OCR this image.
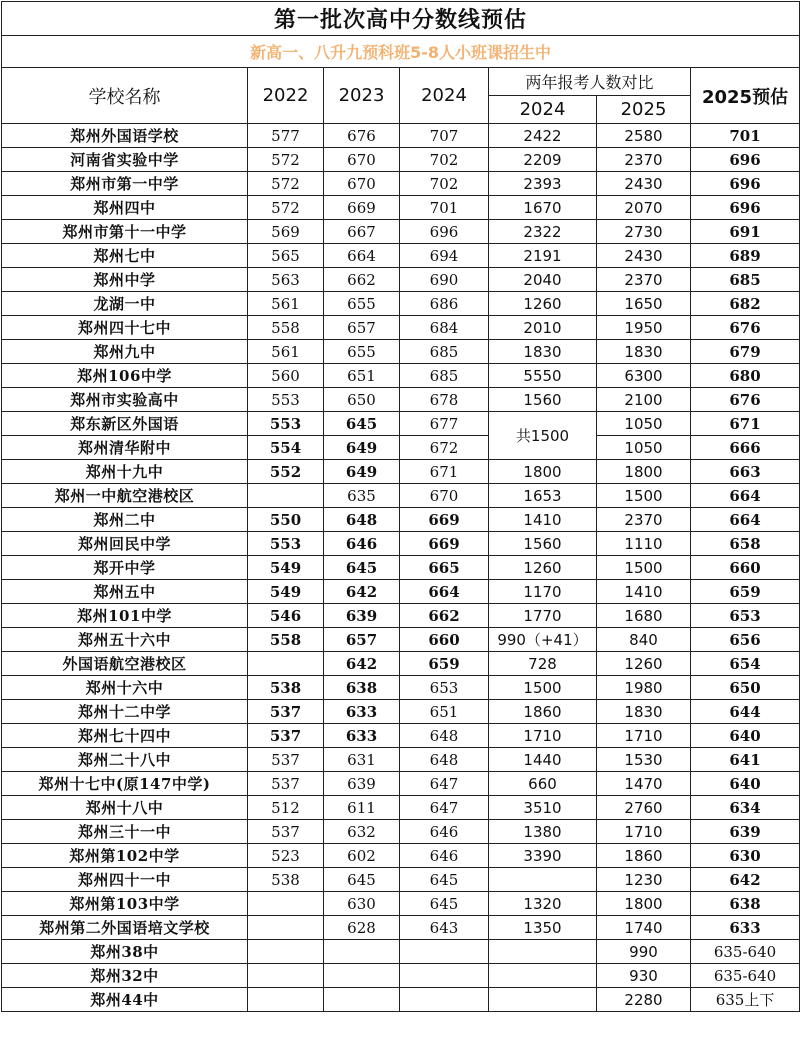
第一批次高中分数线预估						
新高一、八升九预科班5-8人小班课招生中						
学校名称	2022	2023	2024	两年报考人数对比		2025预估
				2024	2025	
郑州外国语学校	577	676	707	2422	2580	701
河南省实验中学	572	670	702	2209	2370	696
郑州市第一中学	572	670	702	2393	2430	696
郑州四中	572	669	701	1670	2070	696
郑州市第十一中学	569	667	696	2322	2730	691
郑州七中	565	664	694	2191	2430	689
郑州中学	563	662	690	2040	2370	685
龙湖一中	561	655	686	1260	1650	682
郑州四十七中	558	657	684	2010	1950	676
郑州九中	561	655	685	1830	1830	679
郑州106中学	560	651	685	5550	6300	680
郑州市实验高中	553	650	678	1560	2100	676
郑东新区外国语	553	645	677	共1500	1050	671
郑州清华附中	554	649	672		1050	666
郑州十九中	552	649	671	1800	1800	663
郑州一中航空港校区		635	670	1653	1500	664
郑州二中	550	648	669	1410	2370	664
郑州回民中学	553	646	669	1560	1110	658
郑开中学	549	645	665	1260	1500	660
郑州五中	549	642	664	1170	1410	659
郑州101中学	546	639	662	1770	1680	653
郑州五十六中	558	657	660	990（+41）	840	656
外国语航空港校区		642	659	728	1260	654
郑州十六中	538	638	653	1500	1980	650
郑州十二中学	537	633	651	1860	1830	644
郑州七十四中	537	633	648	1710	1710	640
郑州二十八中	537	631	648	1440	1530	641
郑州十七中(原147中学)	537	639	647	660	1470	640
郑州十八中	512	611	647	3510	2760	634
郑州三十一中	537	632	646	1380	1710	639
郑州第102中学	523	602	646	3390	1860	630
郑州四十一中	538	645	645		1230	642
郑州第103中学		630	645	1320	1800	638
郑州第二外国语培文学校		628	643	1350	1740	633
郑州38中					990	635-640
郑州32中					930	635-640
郑州44中					2280	635上下
